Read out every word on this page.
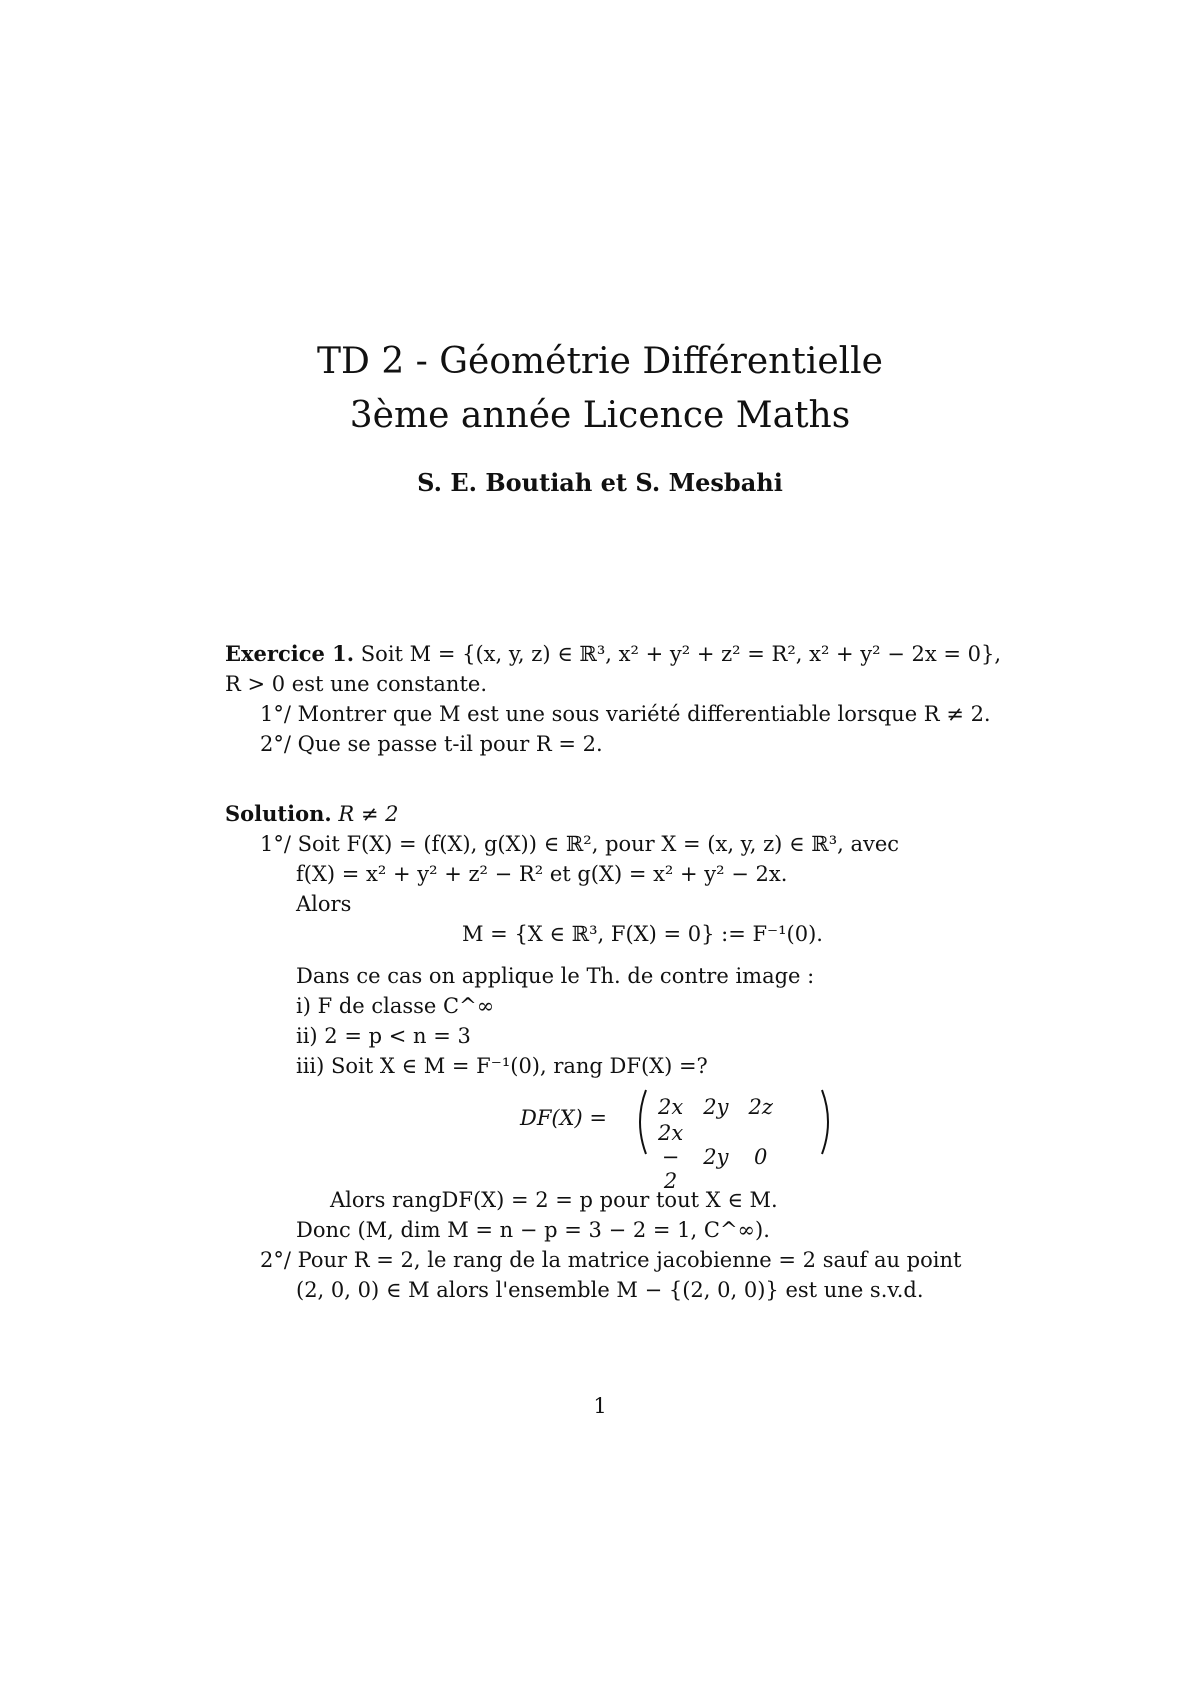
TD 2 - Géométrie Différentielle
3ème année Licence Maths
S. E. Boutiah et S. Mesbahi
Exercice 1. Soit M = {(x, y, z) ∈ ℝ³, x² + y² + z² = R², x² + y² − 2x = 0},
R > 0 est une constante.
1°/ Montrer que M est une sous variété differentiable lorsque R ≠ 2.
2°/ Que se passe t-il pour R = 2.
Solution. R ≠ 2
1°/ Soit F(X) = (f(X), g(X)) ∈ ℝ², pour X = (x, y, z) ∈ ℝ³, avec
f(X) = x² + y² + z² − R² et g(X) = x² + y² − 2x.
Alors
M = {X ∈ ℝ³, F(X) = 0} := F⁻¹(0).
Dans ce cas on applique le Th. de contre image :
i) F de classe C^∞
ii) 2 = p < n = 3
iii) Soit X ∈ M = F⁻¹(0), rang DF(X) =?
DF(X) = 2x	2y	2z
2x − 2	2y	0
Alors rangDF(X) = 2 = p pour tout X ∈ M.
Donc (M, dim M = n − p = 3 − 2 = 1, C^∞).
2°/ Pour R = 2, le rang de la matrice jacobienne = 2 sauf au point
(2, 0, 0) ∈ M alors l'ensemble M − {(2, 0, 0)} est une s.v.d.
1
